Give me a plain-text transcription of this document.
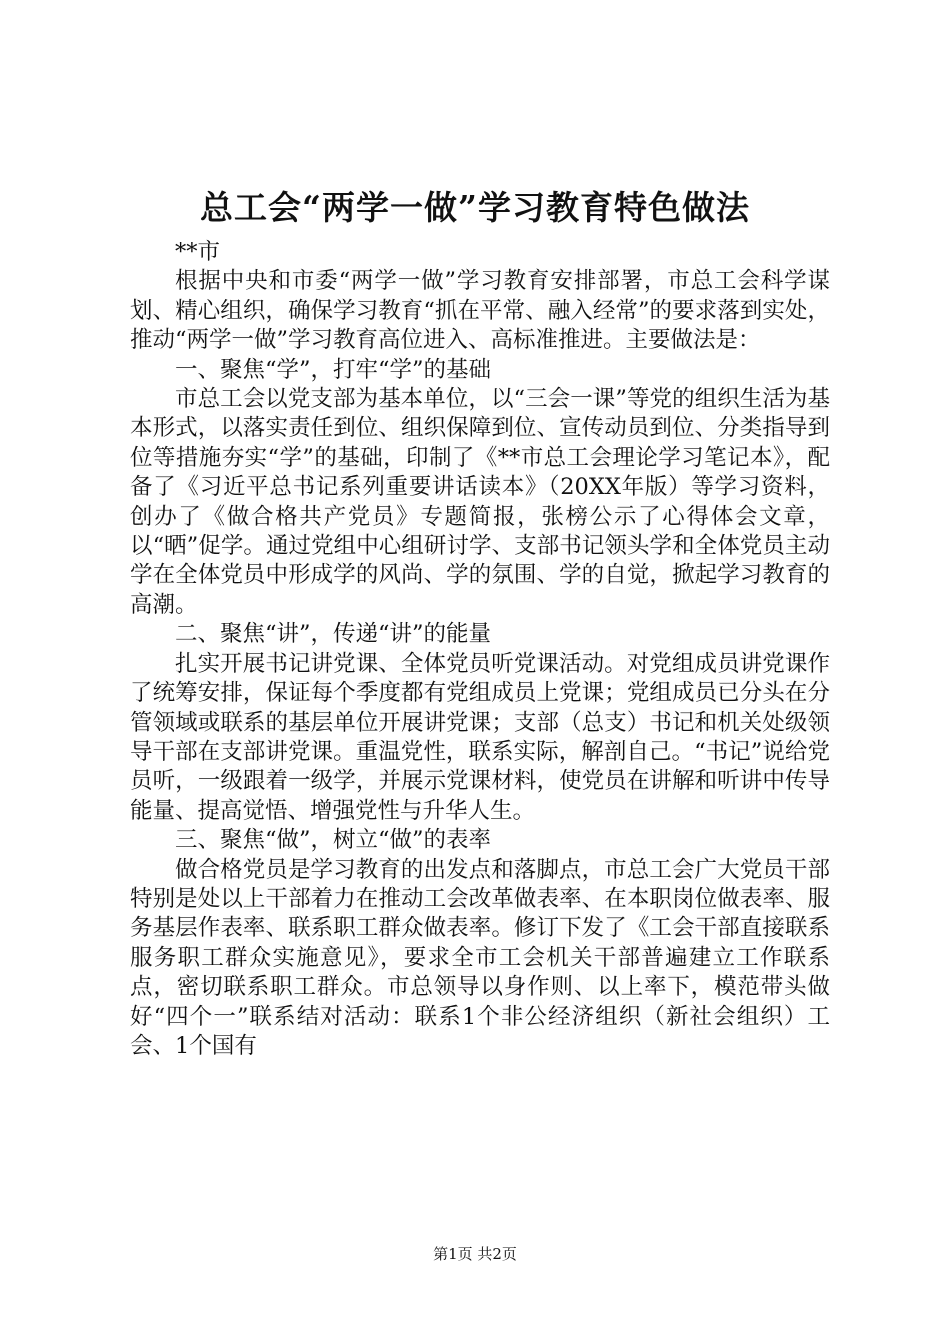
总工会“两学一做”学习教育特色做法

**市

根据中央和市委“两学一做”学习教育安排部署，市总工会科学谋划、精心组织，确保学习教育“抓在平常、融入经常”的要求落到实处，推动“两学一做”学习教育高位进入、高标准推进。主要做法是：

一、聚焦“学”，打牢“学”的基础

市总工会以党支部为基本单位，以“三会一课”等党的组织生活为基本形式，以落实责任到位、组织保障到位、宣传动员到位、分类指导到位等措施夯实“学”的基础，印制了《**市总工会理论学习笔记本》，配备了《习近平总书记系列重要讲话读本》（20XX年版）等学习资料，创办了《做合格共产党员》专题简报，张榜公示了心得体会文章，以“晒”促学。通过党组中心组研讨学、支部书记领头学和全体党员主动学在全体党员中形成学的风尚、学的氛围、学的自觉，掀起学习教育的高潮。

二、聚焦“讲”，传递“讲”的能量

扎实开展书记讲党课、全体党员听党课活动。对党组成员讲党课作了统筹安排，保证每个季度都有党组成员上党课；党组成员已分头在分管领域或联系的基层单位开展讲党课；支部（总支）书记和机关处级领导干部在支部讲党课。重温党性，联系实际，解剖自己。“书记”说给党员听，一级跟着一级学，并展示党课材料，使党员在讲解和听讲中传导能量、提高觉悟、增强党性与升华人生。

三、聚焦“做”，树立“做”的表率

做合格党员是学习教育的出发点和落脚点，市总工会广大党员干部特别是处以上干部着力在推动工会改革做表率、在本职岗位做表率、服务基层作表率、联系职工群众做表率。修订下发了《工会干部直接联系服务职工群众实施意见》，要求全市工会机关干部普遍建立工作联系点，密切联系职工群众。市总领导以身作则、以上率下，模范带头做好“四个一”联系结对活动：联系1个非公经济组织（新社会组织）工会、1个国有

第1页 共2页
